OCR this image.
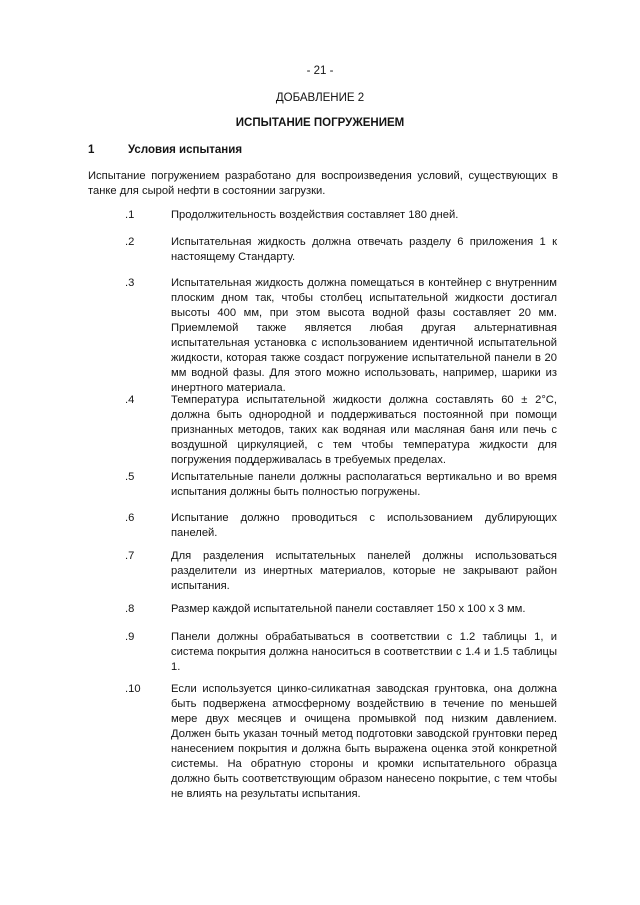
- 21 -
ДОБАВЛЕНИЕ 2
ИСПЫТАНИЕ ПОГРУЖЕНИЕМ
1	Условия испытания
Испытание погружением разработано для воспроизведения условий, существующих в танке для сырой нефти в состоянии загрузки.
.1	Продолжительность воздействия составляет 180 дней.
.2	Испытательная жидкость должна отвечать разделу 6 приложения 1 к настоящему Стандарту.
.3	Испытательная жидкость должна помещаться в контейнер с внутренним плоским дном так, чтобы столбец испытательной жидкости достигал высоты 400 мм, при этом высота водной фазы составляет 20 мм. Приемлемой также является любая другая альтернативная испытательная установка с использованием идентичной испытательной жидкости, которая также создаст погружение испытательной панели в 20 мм водной фазы. Для этого можно использовать, например, шарики из инертного материала.
.4	Температура испытательной жидкости должна составлять 60 ± 2°C, должна быть однородной и поддерживаться постоянной при помощи признанных методов, таких как водяная или масляная баня или печь с воздушной циркуляцией, с тем чтобы температура жидкости для погружения поддерживалась в требуемых пределах.
.5	Испытательные панели должны располагаться вертикально и во время испытания должны быть полностью погружены.
.6	Испытание должно проводиться с использованием дублирующих панелей.
.7	Для разделения испытательных панелей должны использоваться разделители из инертных материалов, которые не закрывают район испытания.
.8	Размер каждой испытательной панели составляет 150 x 100 x 3 мм.
.9	Панели должны обрабатываться в соответствии с 1.2 таблицы 1, и система покрытия должна наноситься в соответствии с 1.4 и 1.5 таблицы 1.
.10	Если используется цинко-силикатная заводская грунтовка, она должна быть подвержена атмосферному воздействию в течение по меньшей мере двух месяцев и очищена промывкой под низким давлением. Должен быть указан точный метод подготовки заводской грунтовки перед нанесением покрытия и должна быть выражена оценка этой конкретной системы. На обратную стороны и кромки испытательного образца должно быть соответствующим образом нанесено покрытие, с тем чтобы не влиять на результаты испытания.
